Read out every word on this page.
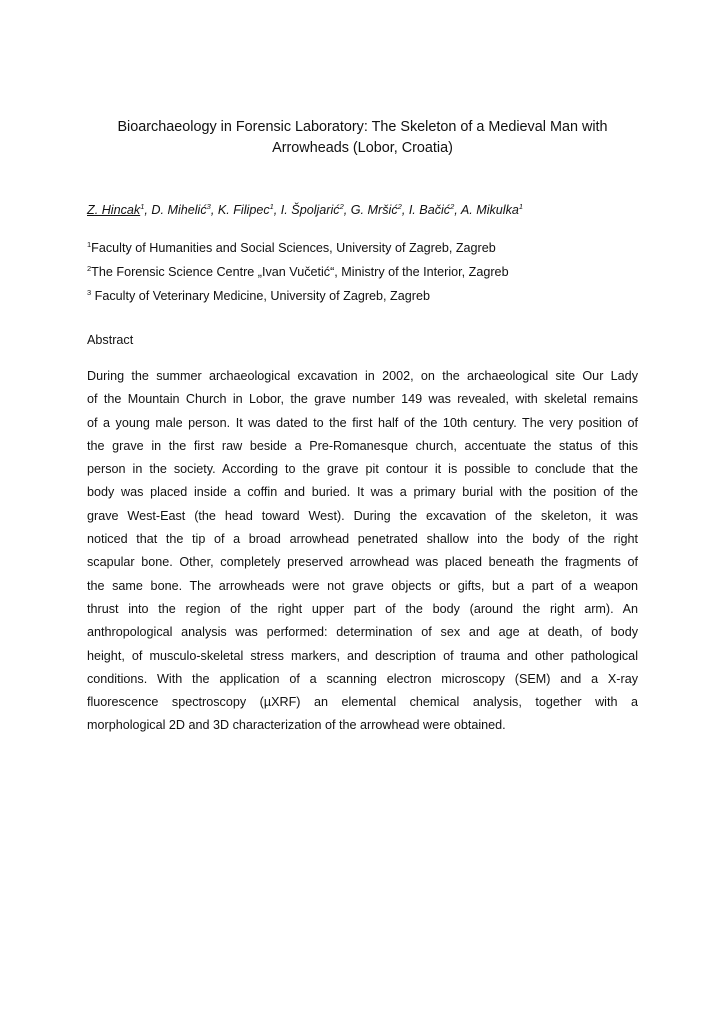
Bioarchaeology in Forensic Laboratory: The Skeleton of a Medieval Man with
Arrowheads (Lobor, Croatia)
Z. Hincak$^1$, D. Mihelić$^3$, K. Filipec$^1$, I. Špoljarić$^2$, G. Mršić$^2$, I. Bačić$^2$, A. Mikulka$^1$
$^1$Faculty of Humanities and Social Sciences, University of Zagreb, Zagreb
$^2$The Forensic Science Centre „Ivan Vučetić“, Ministry of the Interior, Zagreb
$^3$ Faculty of Veterinary Medicine, University of Zagreb, Zagreb
Abstract
During the summer archaeological excavation in 2002, on the archaeological site Our Lady
of the Mountain Church in Lobor, the grave number 149 was revealed, with skeletal remains
of a young male person. It was dated to the first half of the 10th century. The very position of
the grave in the first raw beside a Pre-Romanesque church, accentuate the status of this
person in the society. According to the grave pit contour it is possible to conclude that the
body was placed inside a coffin and buried. It was a primary burial with the position of the
grave West-East (the head toward West). During the excavation of the skeleton, it was
noticed that the tip of a broad arrowhead penetrated shallow into the body of the right
scapular bone. Other, completely preserved arrowhead was placed beneath the fragments of
the same bone. The arrowheads were not grave objects or gifts, but a part of a weapon
thrust into the region of the right upper part of the body (around the right arm). An
anthropological analysis was performed: determination of sex and age at death, of body
height, of musculo-skeletal stress markers, and description of trauma and other pathological
conditions. With the application of a scanning electron microscopy (SEM) and a X-ray
fluorescence spectroscopy (µXRF) an elemental chemical analysis, together with a
morphological 2D and 3D characterization of the arrowhead were obtained.
